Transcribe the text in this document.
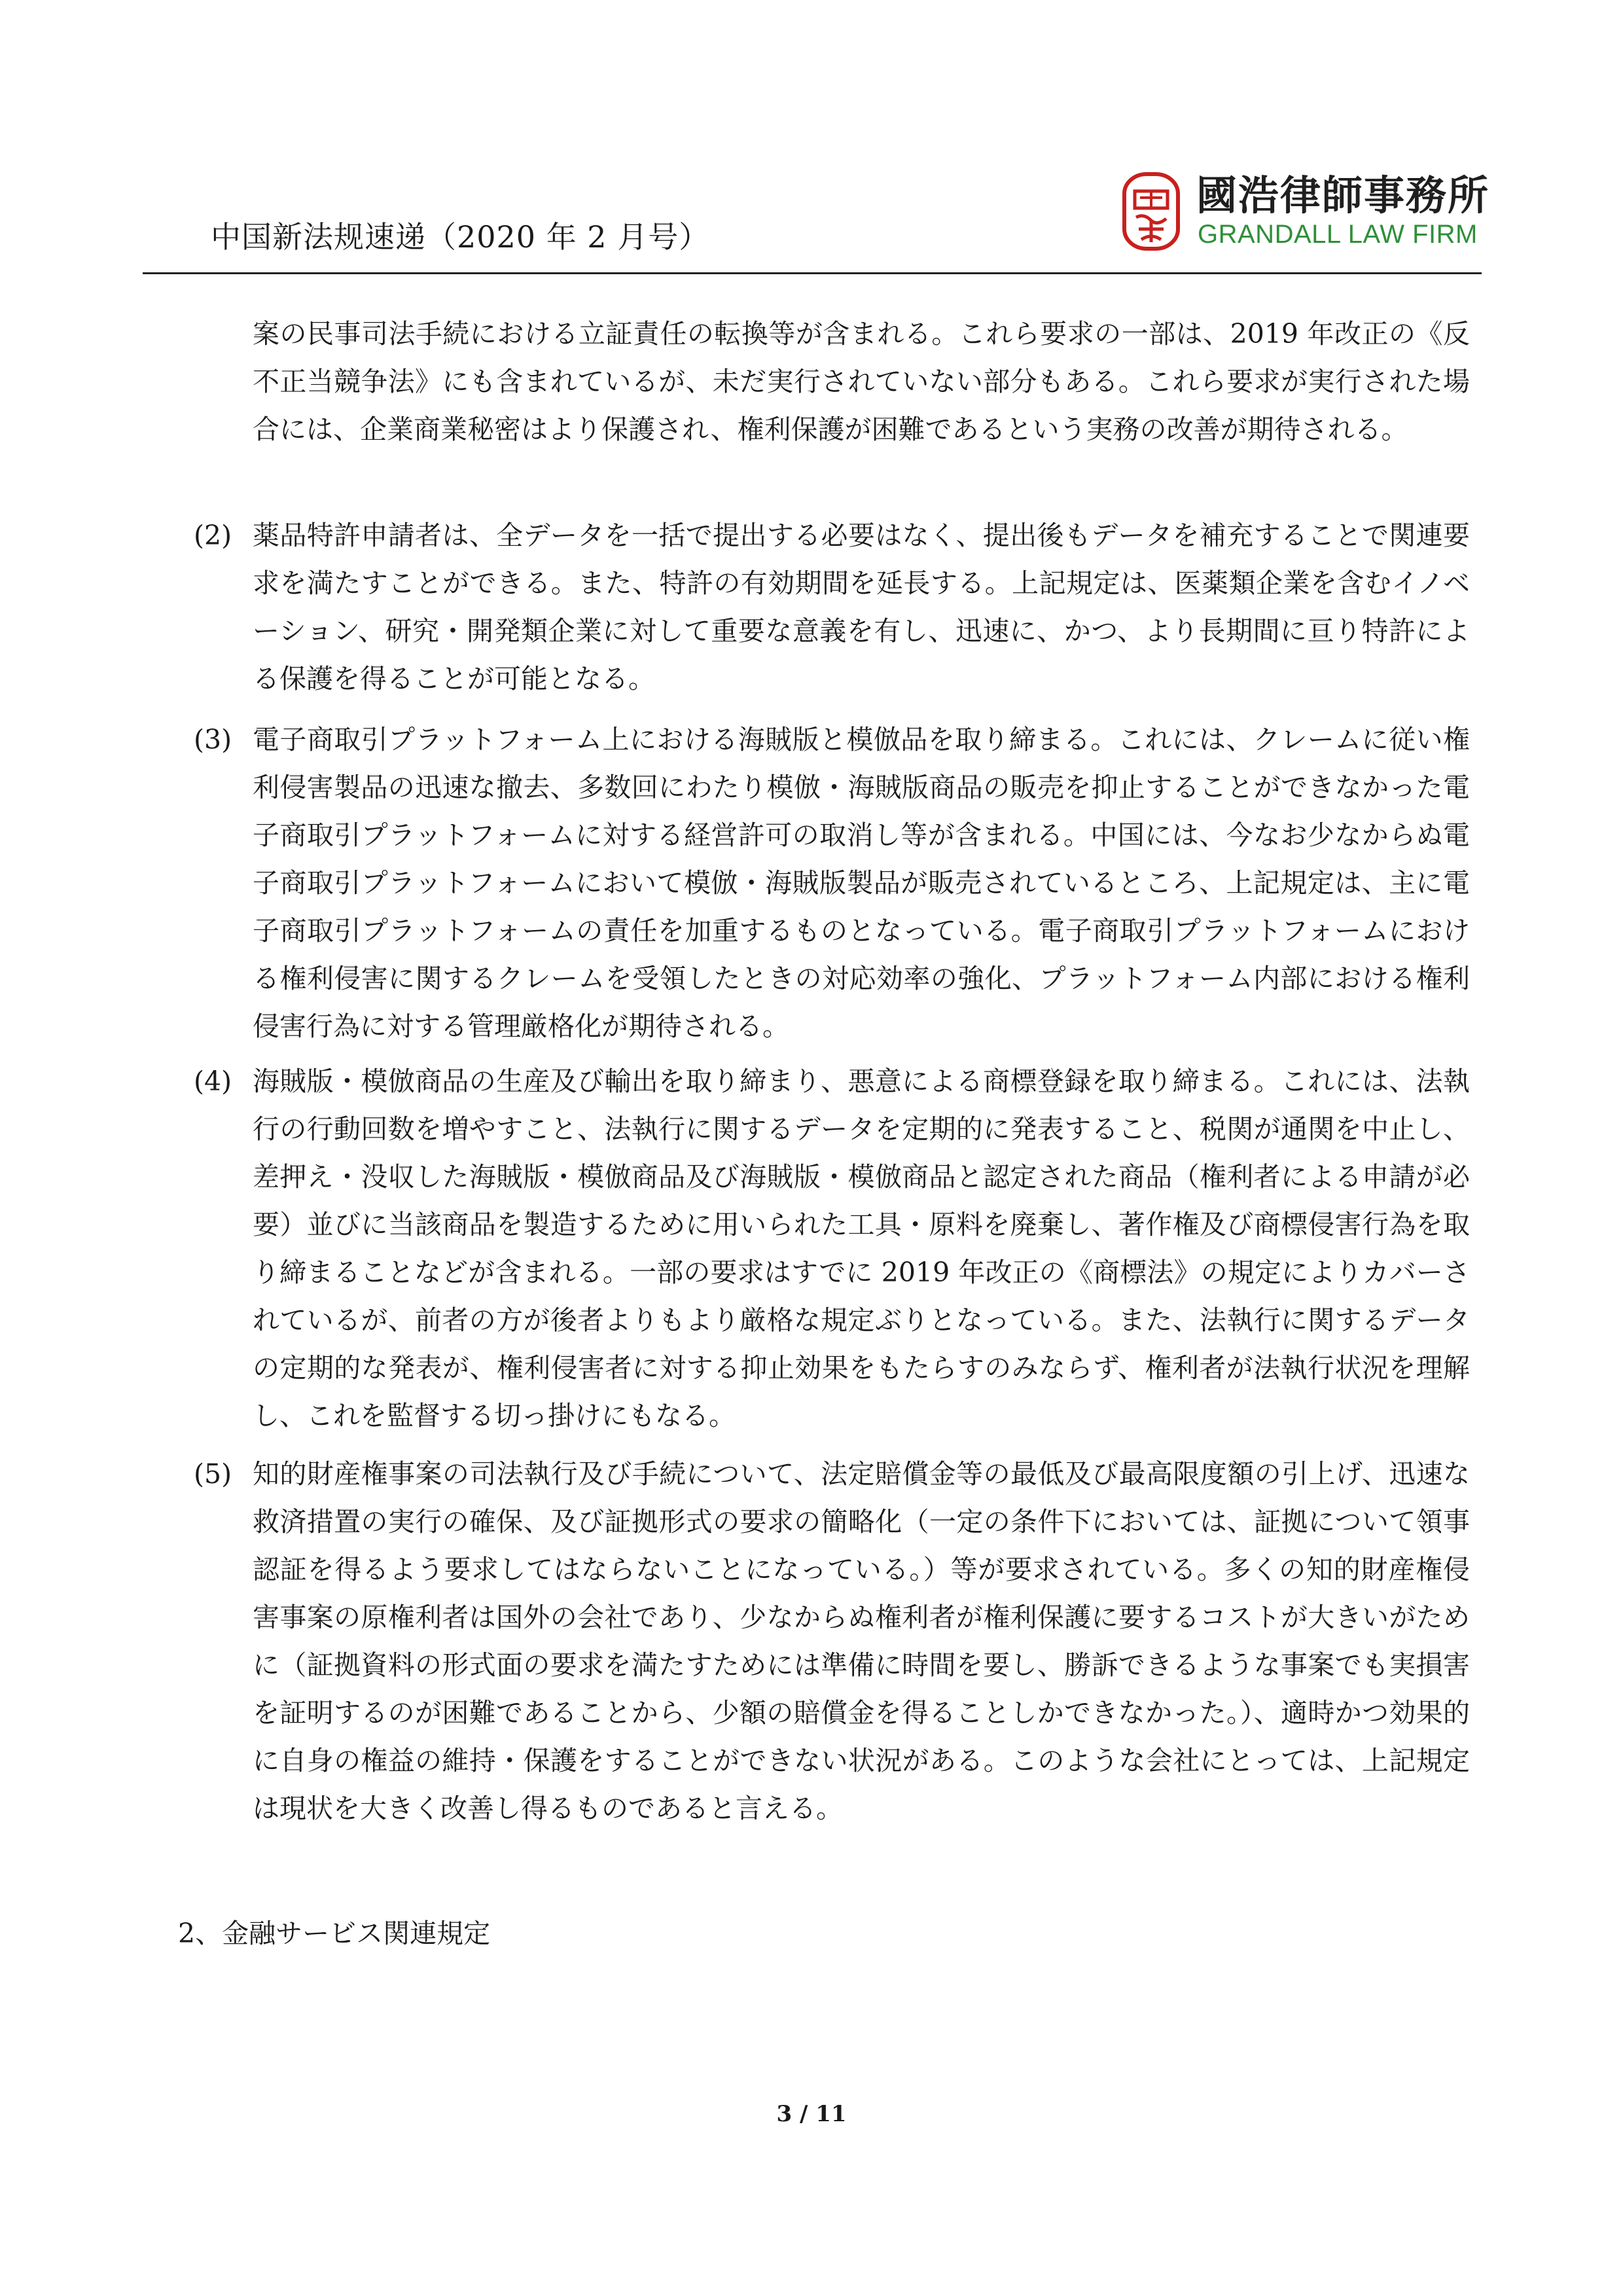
中国新法规速递（2020 年 2 月号）
國浩律師事務所
GRANDALL LAW FIRM
案の民事司法手続における立証責任の転換等が含まれる。これら要求の一部は、2019 年改正の《反不正当競争法》にも含まれているが、未だ実行されていない部分もある。これら要求が実行された場合には、企業商業秘密はより保護され、権利保護が困難であるという実務の改善が期待される。
(2) 薬品特許申請者は、全データを一括で提出する必要はなく、提出後もデータを補充することで関連要求を満たすことができる。また、特許の有効期間を延長する。上記規定は、医薬類企業を含むイノベーション、研究・開発類企業に対して重要な意義を有し、迅速に、かつ、より長期間に亘り特許による保護を得ることが可能となる。
(3) 電子商取引プラットフォーム上における海賊版と模倣品を取り締まる。これには、クレームに従い権利侵害製品の迅速な撤去、多数回にわたり模倣・海賊版商品の販売を抑止することができなかった電子商取引プラットフォームに対する経営許可の取消し等が含まれる。中国には、今なお少なからぬ電子商取引プラットフォームにおいて模倣・海賊版製品が販売されているところ、上記規定は、主に電子商取引プラットフォームの責任を加重するものとなっている。電子商取引プラットフォームにおける権利侵害に関するクレームを受領したときの対応効率の強化、プラットフォーム内部における権利侵害行為に対する管理厳格化が期待される。
(4) 海賊版・模倣商品の生産及び輸出を取り締まり、悪意による商標登録を取り締まる。これには、法執行の行動回数を増やすこと、法執行に関するデータを定期的に発表すること、税関が通関を中止し、差押え・没収した海賊版・模倣商品及び海賊版・模倣商品と認定された商品（権利者による申請が必要）並びに当該商品を製造するために用いられた工具・原料を廃棄し、著作権及び商標侵害行為を取り締まることなどが含まれる。一部の要求はすでに 2019 年改正の《商標法》の規定によりカバーされているが、前者の方が後者よりもより厳格な規定ぶりとなっている。また、法執行に関するデータの定期的な発表が、権利侵害者に対する抑止効果をもたらすのみならず、権利者が法執行状況を理解し、これを監督する切っ掛けにもなる。
(5) 知的財産権事案の司法執行及び手続について、法定賠償金等の最低及び最高限度額の引上げ、迅速な救済措置の実行の確保、及び証拠形式の要求の簡略化（一定の条件下においては、証拠について領事認証を得るよう要求してはならないことになっている。）等が要求されている。多くの知的財産権侵害事案の原権利者は国外の会社であり、少なからぬ権利者が権利保護に要するコストが大きいがために（証拠資料の形式面の要求を満たすためには準備に時間を要し、勝訴できるような事案でも実損害を証明するのが困難であることから、少額の賠償金を得ることしかできなかった。）、適時かつ効果的に自身の権益の維持・保護をすることができない状況がある。このような会社にとっては、上記規定は現状を大きく改善し得るものであると言える。
2、金融サービス関連規定
3 / 11
